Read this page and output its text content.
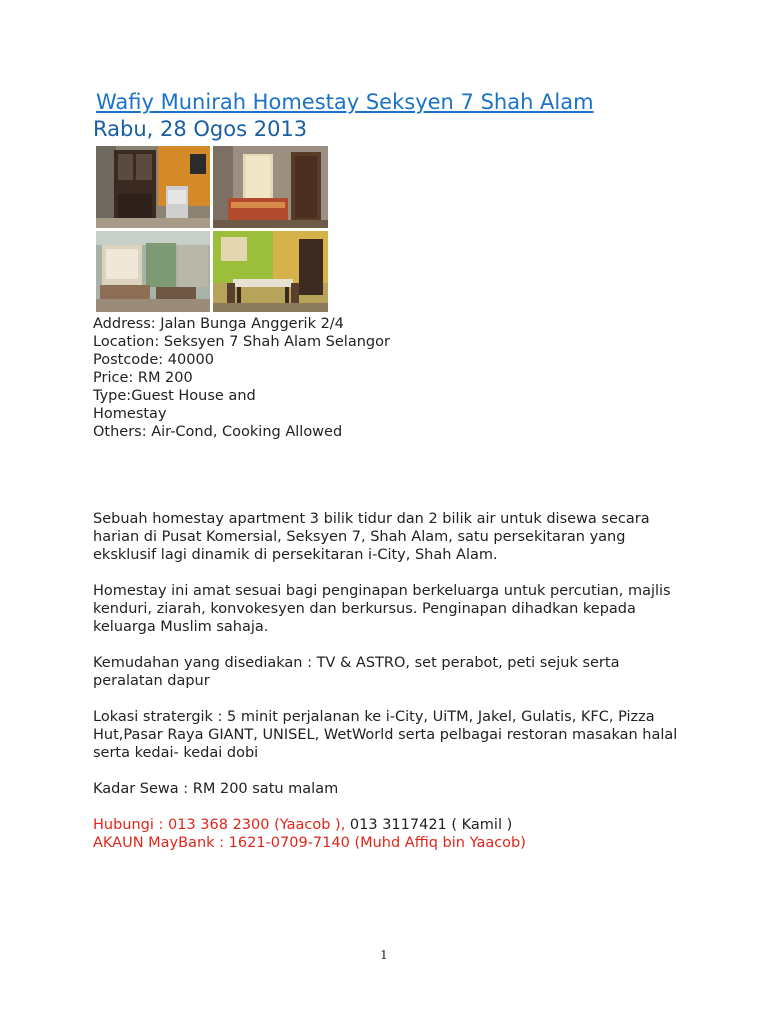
Wafiy Munirah Homestay Seksyen 7 Shah Alam
Rabu, 28 Ogos 2013
Address: Jalan Bunga Anggerik 2/4
Location: Seksyen 7 Shah Alam Selangor
Postcode: 40000
Price: RM 200
Type:Guest House and
Homestay
Others: Air-Cond, Cooking Allowed

Sebuah homestay apartment 3 bilik tidur dan 2 bilik air untuk disewa secara harian di Pusat Komersial, Seksyen 7, Shah Alam, satu persekitaran yang eksklusif lagi dinamik di persekitaran i-City, Shah Alam.

Homestay ini amat sesuai bagi penginapan berkeluarga untuk percutian, majlis kenduri, ziarah, konvokesyen dan berkursus. Penginapan dihadkan kepada keluarga Muslim sahaja.

Kemudahan yang disediakan : TV & ASTRO, set perabot, peti sejuk serta peralatan dapur

Lokasi stratergik : 5 minit perjalanan ke i-City, UiTM, Jakel, Gulatis, KFC, Pizza Hut,Pasar Raya GIANT, UNISEL, WetWorld serta pelbagai restoran masakan halal serta kedai- kedai dobi

Kadar Sewa : RM 200 satu malam

Hubungi : 013 368 2300 (Yaacob ), 013 3117421 ( Kamil )
AKAUN MayBank : 1621-0709-7140 (Muhd Affiq bin Yaacob)
1
